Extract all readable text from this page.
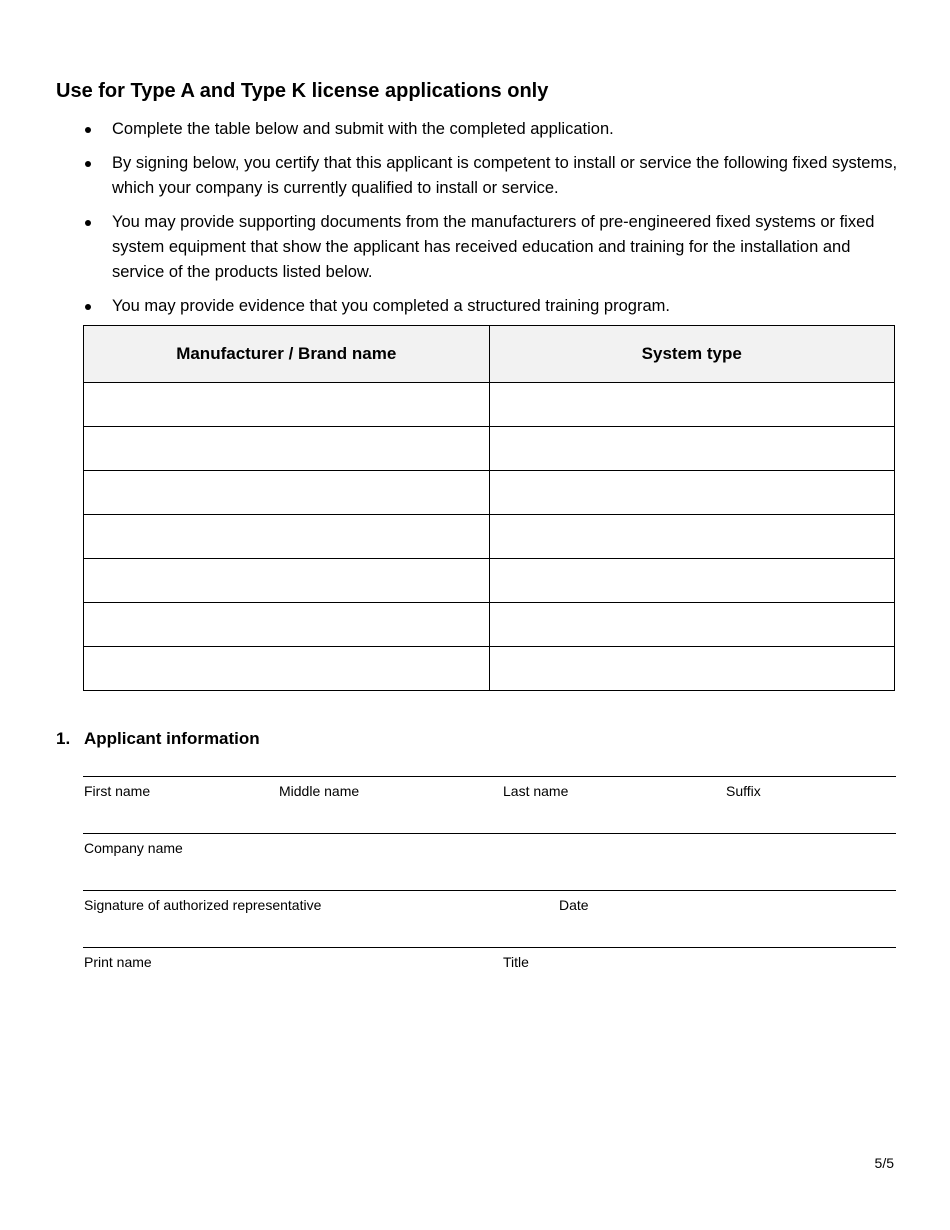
Use for Type A and Type K license applications only
Complete the table below and submit with the completed application.
By signing below, you certify that this applicant is competent to install or service the following fixed systems, which your company is currently qualified to install or service.
You may provide supporting documents from the manufacturers of pre-engineered fixed systems or fixed system equipment that show the applicant has received education and training for the installation and service of the products listed below.
You may provide evidence that you completed a structured training program.
Manufacturer / Brand name	System type

1. Applicant information
First name	Middle name	Last name	Suffix
Company name
Signature of authorized representative	Date
Print name	Title
5/5
